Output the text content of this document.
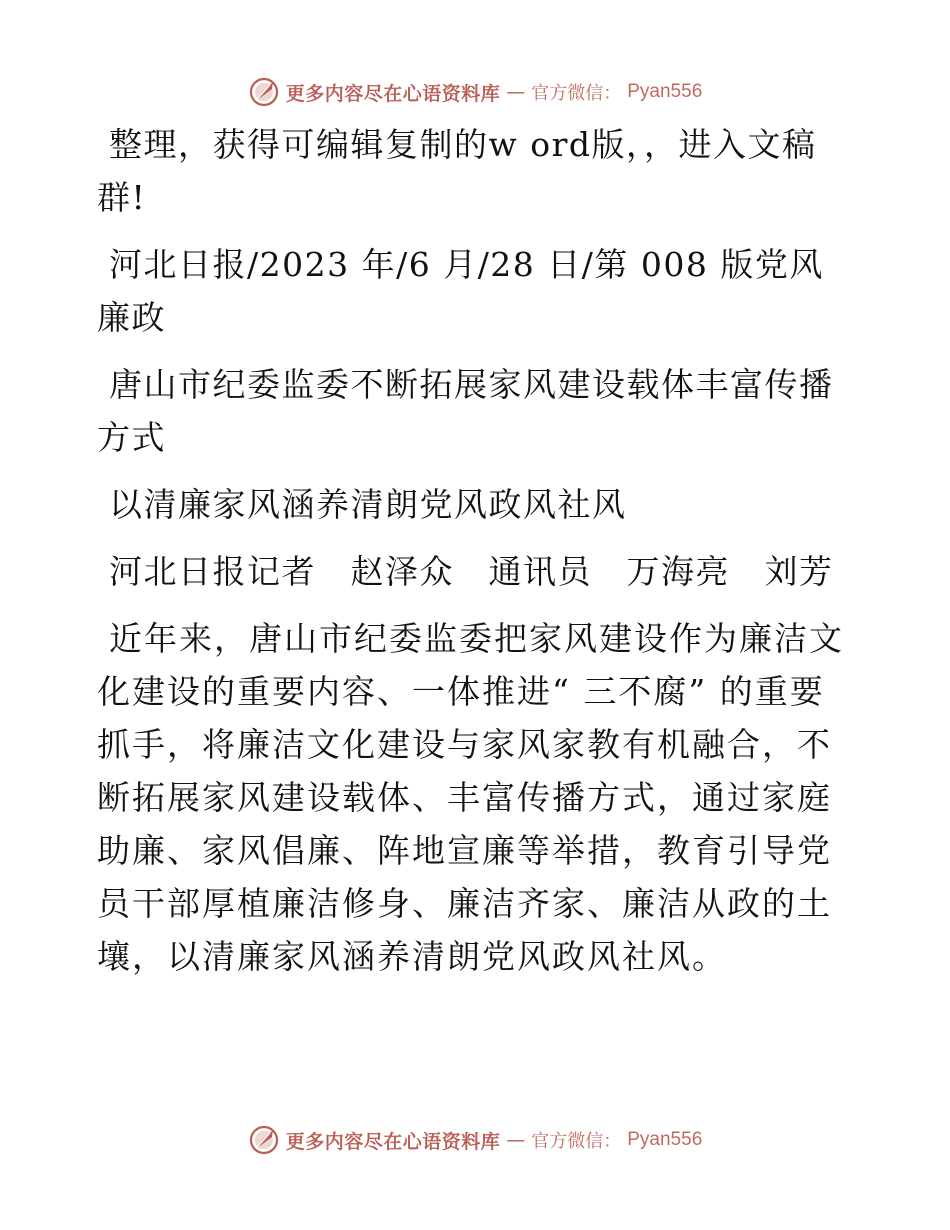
更多内容尽在心语资料库 — 官方微信： Pyan556

整理，获得可编辑复制的w ord版，，进入文稿群!

河北日报/2023 年/6 月/28 日/第 008 版党风廉政

唐山市纪委监委不断拓展家风建设载体丰富传播方式

以清廉家风涵养清朗党风政风社风

河北日报记者　赵泽众　通讯员　万海亮　刘芳

近年来，唐山市纪委监委把家风建设作为廉洁文化建设的重要内容、一体推进“ 三不腐” 的重要抓手，将廉洁文化建设与家风家教有机融合，不断拓展家风建设载体、丰富传播方式，通过家庭助廉、家风倡廉、阵地宣廉等举措，教育引导党员干部厚植廉洁修身、廉洁齐家、廉洁从政的土壤，以清廉家风涵养清朗党风政风社风。

更多内容尽在心语资料库 — 官方微信： Pyan556
